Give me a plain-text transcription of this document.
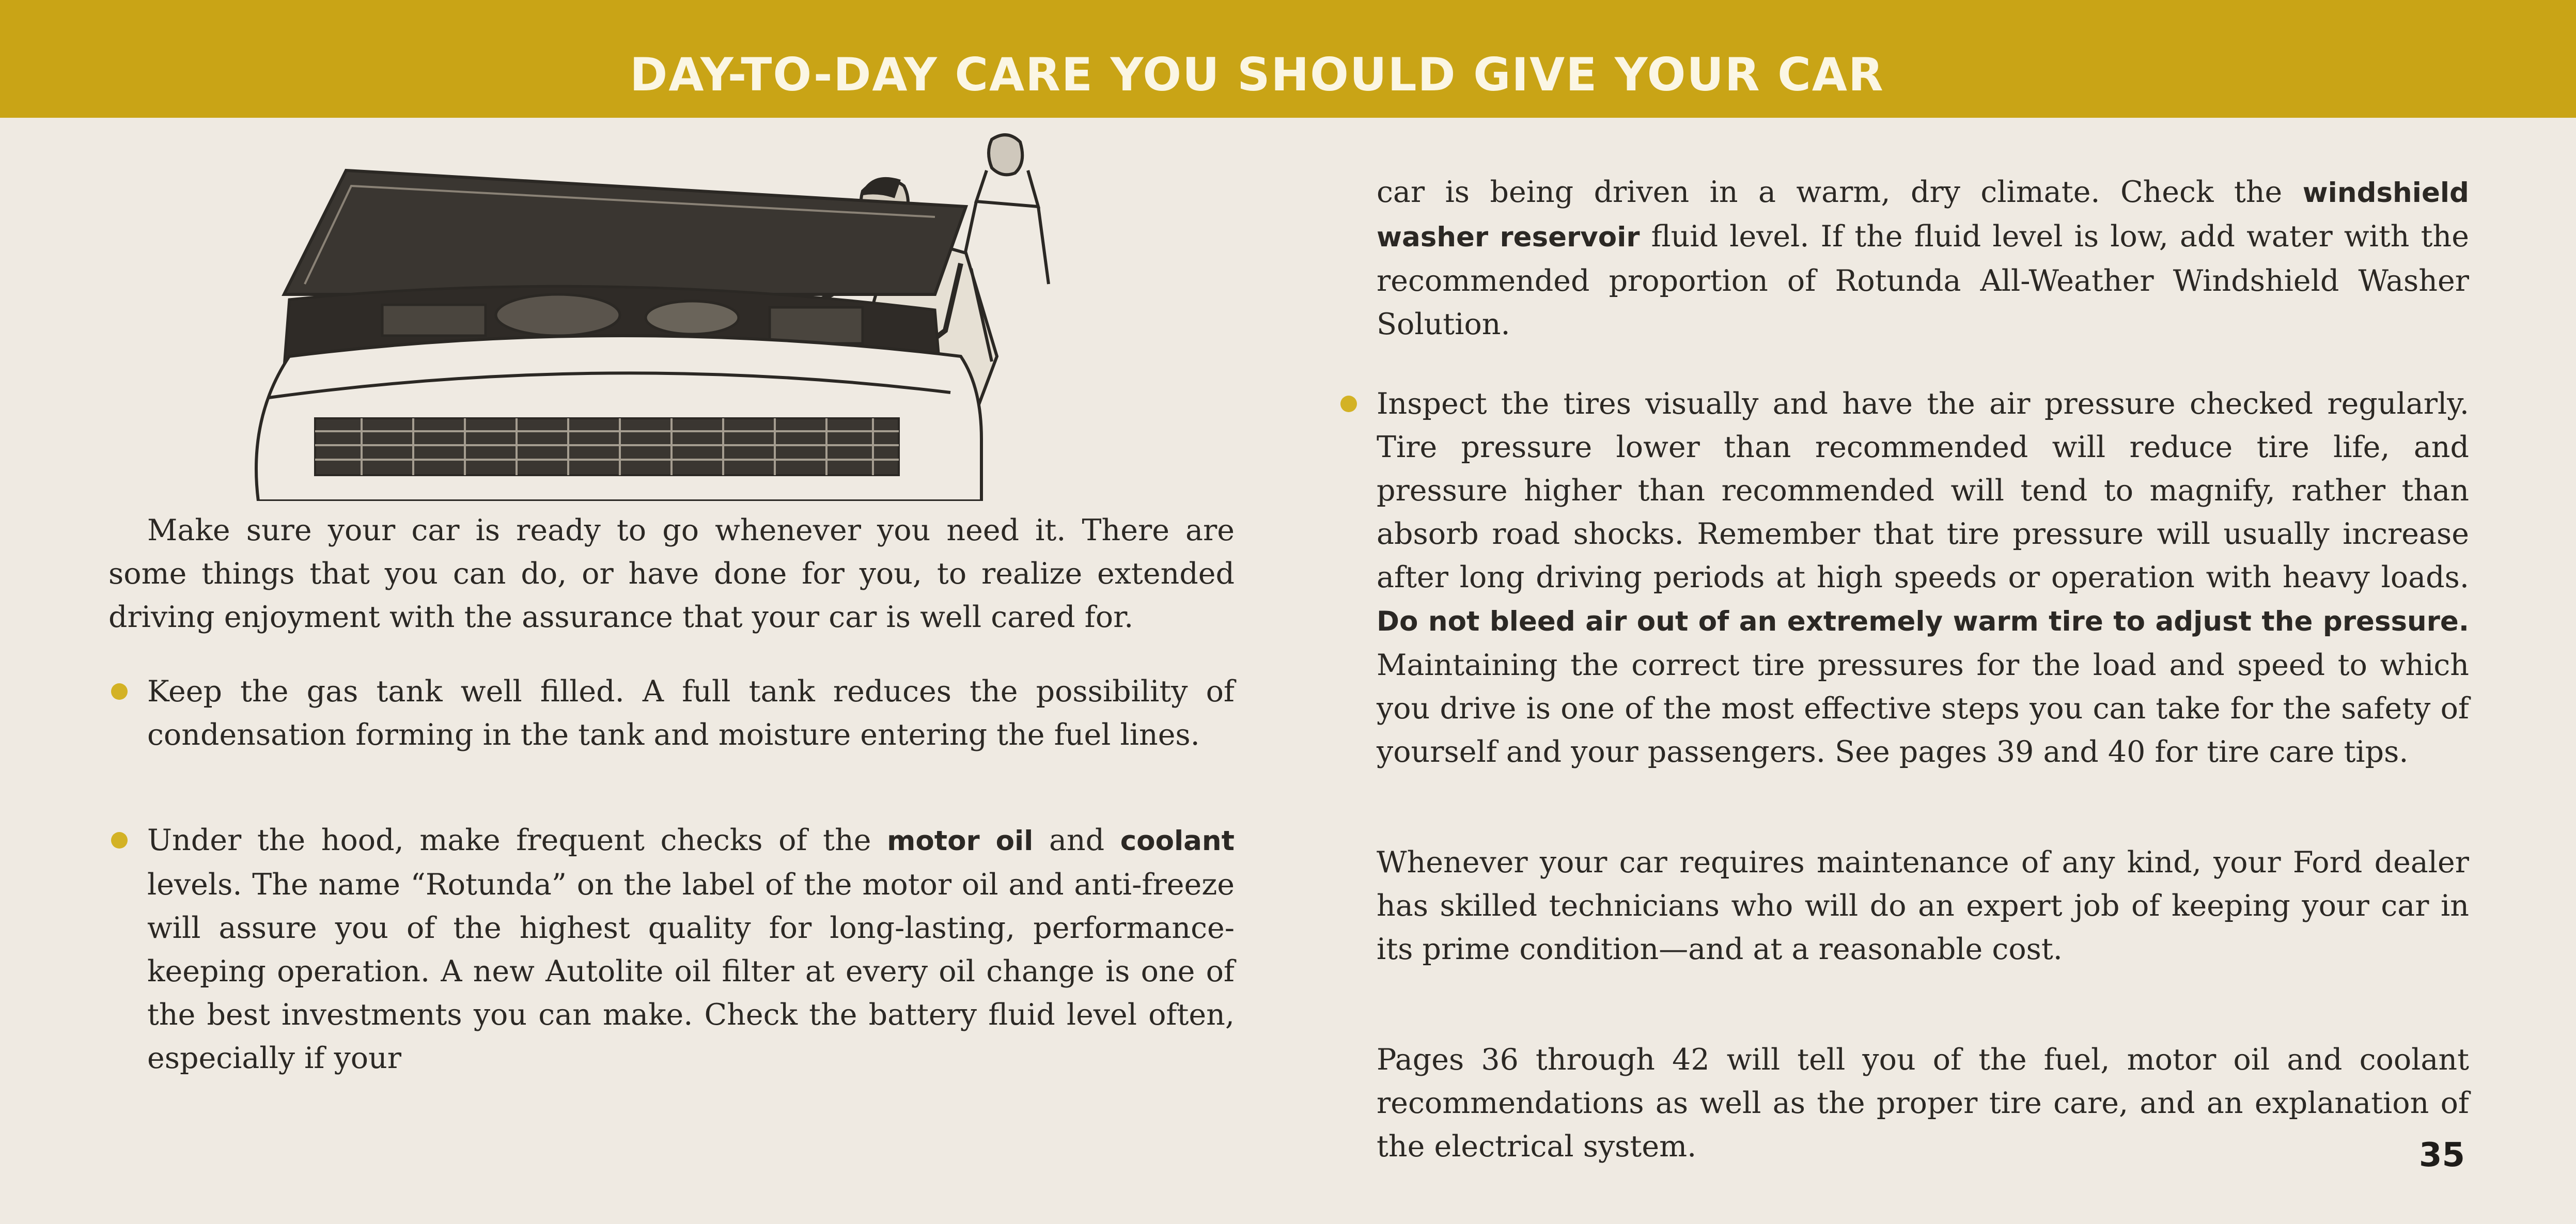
DAY-TO-DAY CARE YOU SHOULD GIVE YOUR CAR

Make sure your car is ready to go whenever you need it. There are some things that you can do, or have done for you, to realize extended driving enjoyment with the assurance that your car is well cared for.

Keep the gas tank well filled. A full tank reduces the possibility of condensation forming in the tank and moisture entering the fuel lines.

Under the hood, make frequent checks of the motor oil and coolant levels. The name “Rotunda” on the label of the motor oil and anti-freeze will assure you of the highest quality for long-lasting, performance-keeping operation. A new Autolite oil filter at every oil change is one of the best investments you can make. Check the battery fluid level often, especially if your

car is being driven in a warm, dry climate. Check the windshield washer reservoir fluid level. If the fluid level is low, add water with the recommended proportion of Rotunda All-Weather Windshield Washer Solution.

Inspect the tires visually and have the air pressure checked regularly. Tire pressure lower than recommended will reduce tire life, and pressure higher than recommended will tend to magnify, rather than absorb road shocks. Remember that tire pressure will usually increase after long driving periods at high speeds or operation with heavy loads. Do not bleed air out of an extremely warm tire to adjust the pressure. Maintaining the correct tire pressures for the load and speed to which you drive is one of the most effective steps you can take for the safety of yourself and your passengers. See pages 39 and 40 for tire care tips.

Whenever your car requires maintenance of any kind, your Ford dealer has skilled technicians who will do an expert job of keeping your car in its prime condition—and at a reasonable cost.

Pages 36 through 42 will tell you of the fuel, motor oil and coolant recommendations as well as the proper tire care, and an explanation of the electrical system.	35
